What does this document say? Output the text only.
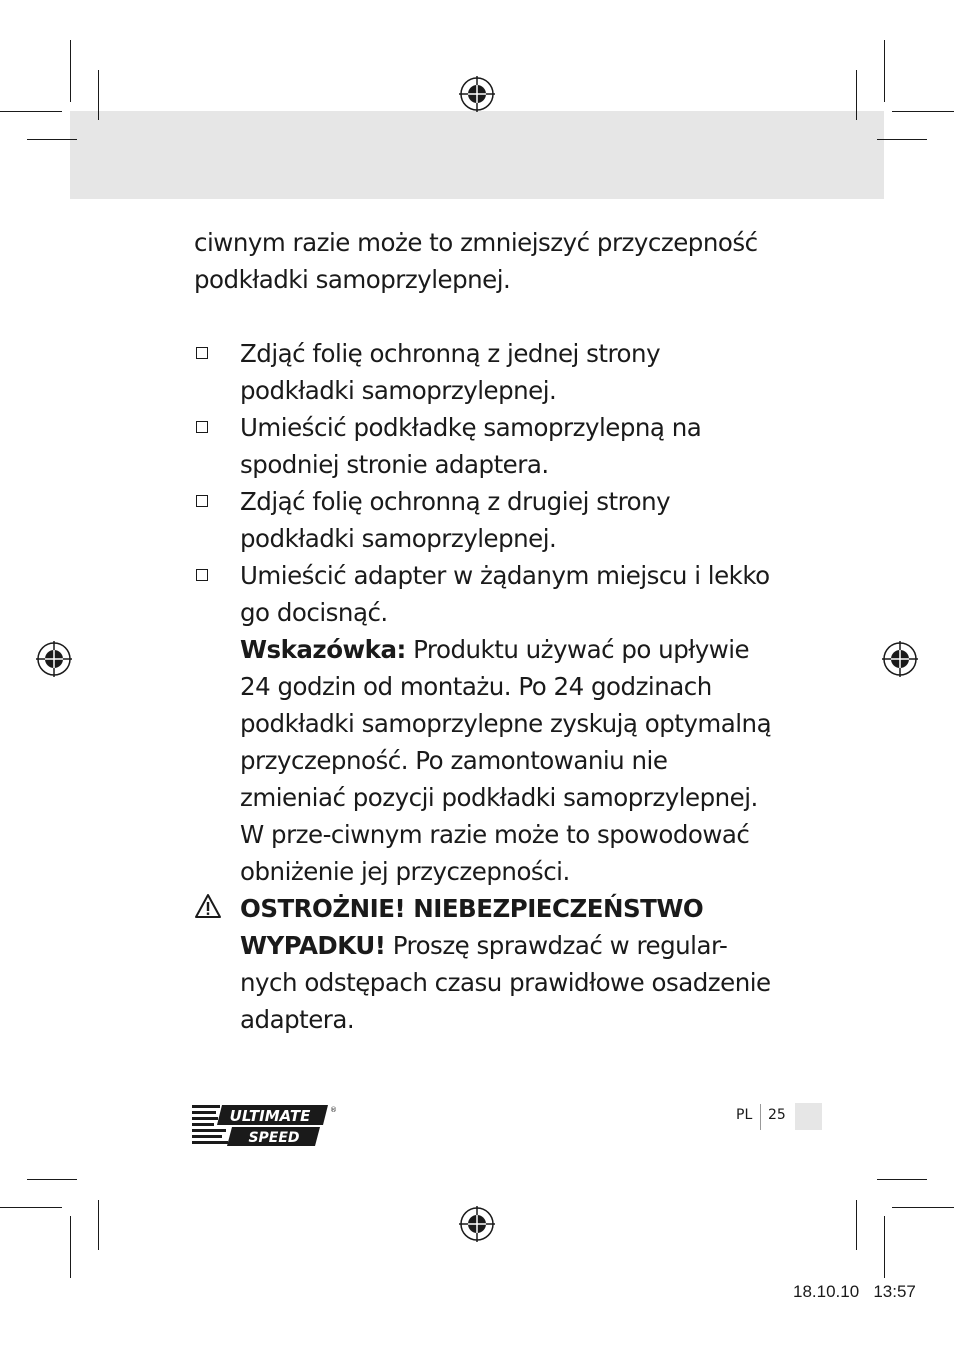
ciwnym razie może to zmniejszyć przyczepność podkładki samoprzylepnej.

Zdjąć folię ochronną z jednej strony podkładki samoprzylepnej.
Umieścić podkładkę samoprzylepną na spodniej stronie adaptera.
Zdjąć folię ochronną z drugiej strony podkładki samoprzylepnej.
Umieścić adapter w żądanym miejscu i lekko go docisnąć.
Wskazówka: Produktu używać po upływie 24 godzin od montażu. Po 24 godzinach podkładki samoprzylepne zyskują optymalną przyczepność. Po zamontowaniu nie zmieniać pozycji podkładki samoprzylepnej. W prze-ciwnym razie może to spowodować obniżenie jej przyczepności.
OSTROŻNIE! NIEBEZPIECZEŃSTWO WYPADKU! Proszę sprawdzać w regular-nych odstępach czasu prawidłowe osadzenie adaptera.
ULTIMATE
SPEED
®	PL 25
18.10.10   13:57
